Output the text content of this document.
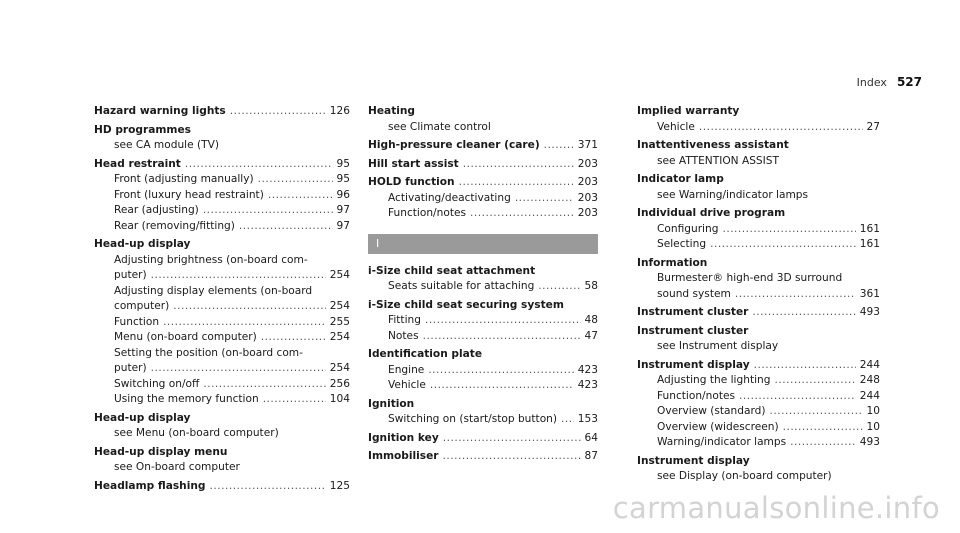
Index 527
Hazard warning lights .....	126
HD programmes
see CA module (TV)
Head restraint .....	95
Front (adjusting manually) .....	95
Front (luxury head restraint) .....	96
Rear (adjusting) .....	97
Rear (removing/fitting) .....	97
Head-up display
Adjusting brightness (on-board com-
puter) .....	254
Adjusting display elements (on-board
computer) .....	254
Function .....	255
Menu (on-board computer) .....	254
Setting the position (on-board com-
puter) .....	254
Switching on/off .....	256
Using the memory function .....	104
Head-up display
see Menu (on-board computer)
Head-up display menu
see On-board computer
Headlamp flashing .....	125
Heating
see Climate control
High-pressure cleaner (care) .....	371
Hill start assist .....	203
HOLD function .....	203
Activating/deactivating .....	203
Function/notes .....	203
I
i-Size child seat attachment
Seats suitable for attaching .....	58
i-Size child seat securing system
Fitting .....	48
Notes .....	47
Identification plate
Engine .....	423
Vehicle .....	423
Ignition
Switching on (start/stop button) ..... 153
Ignition key .....	64
Immobiliser .....	87
Implied warranty
Vehicle .....	27
Inattentiveness assistant
see ATTENTION ASSIST
Indicator lamp
see Warning/indicator lamps
Individual drive program
Configuring .....	161
Selecting .....	161
Information
Burmester® high-end 3D surround
sound system .....	361
Instrument cluster .....	493
Instrument cluster
see Instrument display
Instrument display .....	244
Adjusting the lighting .....	248
Function/notes .....	244
Overview (standard) .....	10
Overview (widescreen) .....	10
Warning/indicator lamps .....	493
Instrument display
see Display (on-board computer)
carmanualsonline.info
